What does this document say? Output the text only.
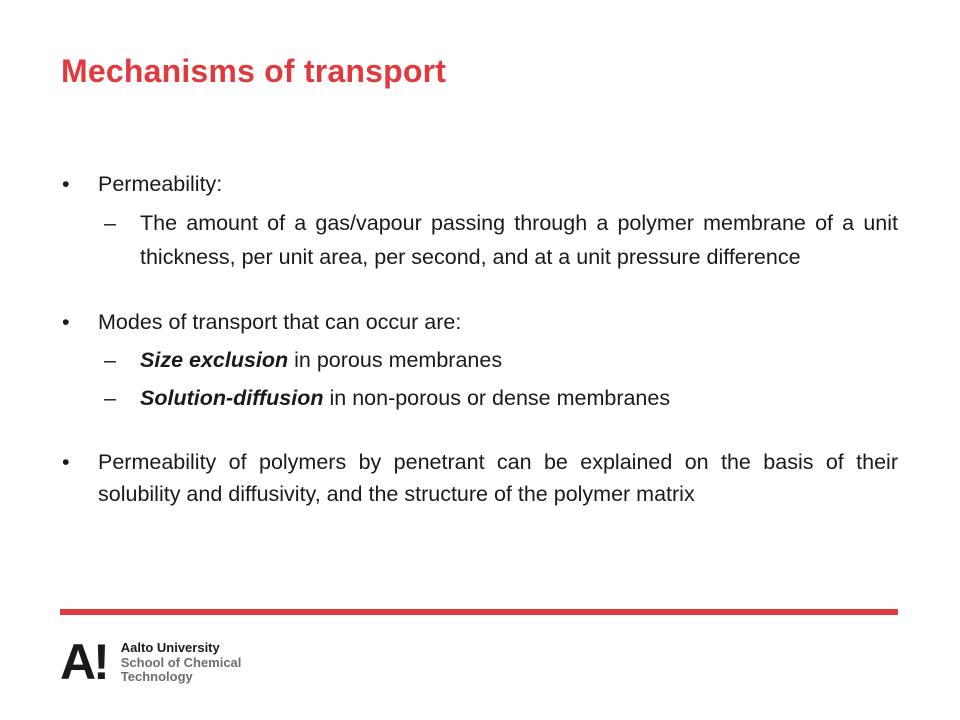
Mechanisms of transport
• Permeability:
– The amount of a gas/vapour passing through a polymer membrane of a unit thickness, per unit area, per second, and at a unit pressure difference
• Modes of transport that can occur are:
– Size exclusion in porous membranes
– Solution-diffusion in non-porous or dense membranes
• Permeability of polymers by penetrant can be explained on the basis of their solubility and diffusivity, and the structure of the polymer matrix
A! Aalto University
School of Chemical
Technology
